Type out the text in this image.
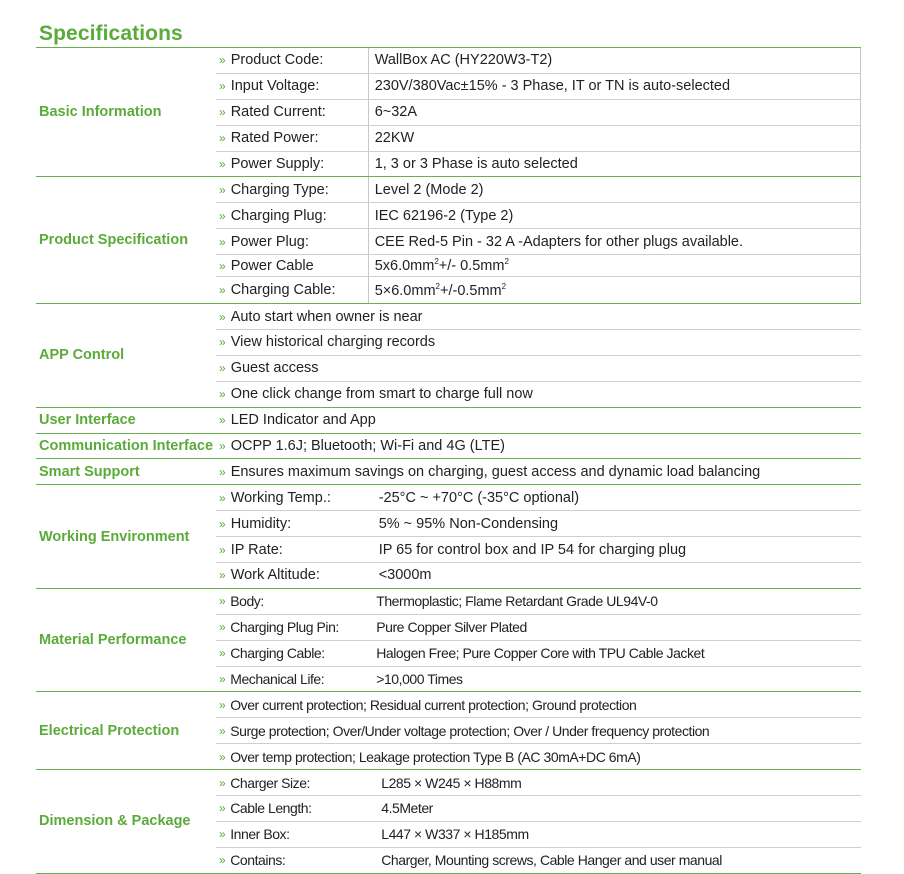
Specifications
Basic Information
» Product Code:	WallBox AC (HY220W3-T2)
» Input Voltage:	230V/380Vac±15% - 3 Phase, IT or TN is auto-selected
» Rated Current:	6~32A
» Rated Power:	22KW
» Power Supply:	1, 3 or 3 Phase is auto selected
Product Specification
» Charging Type:	Level 2 (Mode 2)
» Charging Plug:	IEC 62196-2 (Type 2)
» Power Plug:	CEE Red-5 Pin - 32 A -Adapters for other plugs available.
» Power Cable	$5x6.0mm^2+/-$ $0.5mm^2$
» Charging Cable:	$5\times 6.0mm^2+/-0.5mm^2$
APP Control
» Auto start when owner is near
» View historical charging records
» Guest access
» One click change from smart to charge full now
User Interface	» LED Indicator and App
Communication Interface » OCPP 1.6J; Bluetooth; Wi-Fi and 4G (LTE)
Smart Support	» Ensures maximum savings on charging, guest access and dynamic load balancing
Working Environment
» Working Temp.:	-25°C ~ +70°C (-35°C optional)
» Humidity:	5% ~ 95% Non-Condensing
» IP Rate:	IP 65 for control box and IP 54 for charging plug
» Work Altitude:	<3000m
Material Performance
» Body:	Thermoplastic; Flame Retardant Grade UL94V-0
» Charging Plug Pin:	Pure Copper Silver Plated
» Charging Cable:	Halogen Free; Pure Copper Core with TPU Cable Jacket
» Mechanical Life:	>10,000 Times
Electrical Protection
» Over current protection; Residual current protection; Ground protection
» Surge protection; Over/Under voltage protection; Over / Under frequency protection
» Over temp protection; Leakage protection Type B (AC 30mA+DC 6mA)
Dimension & Package
» Charger Size:	L285 × W245 × H88mm
» Cable Length:	4.5Meter
» Inner Box:	L447 × W337 × H185mm
» Contains:	Charger, Mounting screws, Cable Hanger and user manual
